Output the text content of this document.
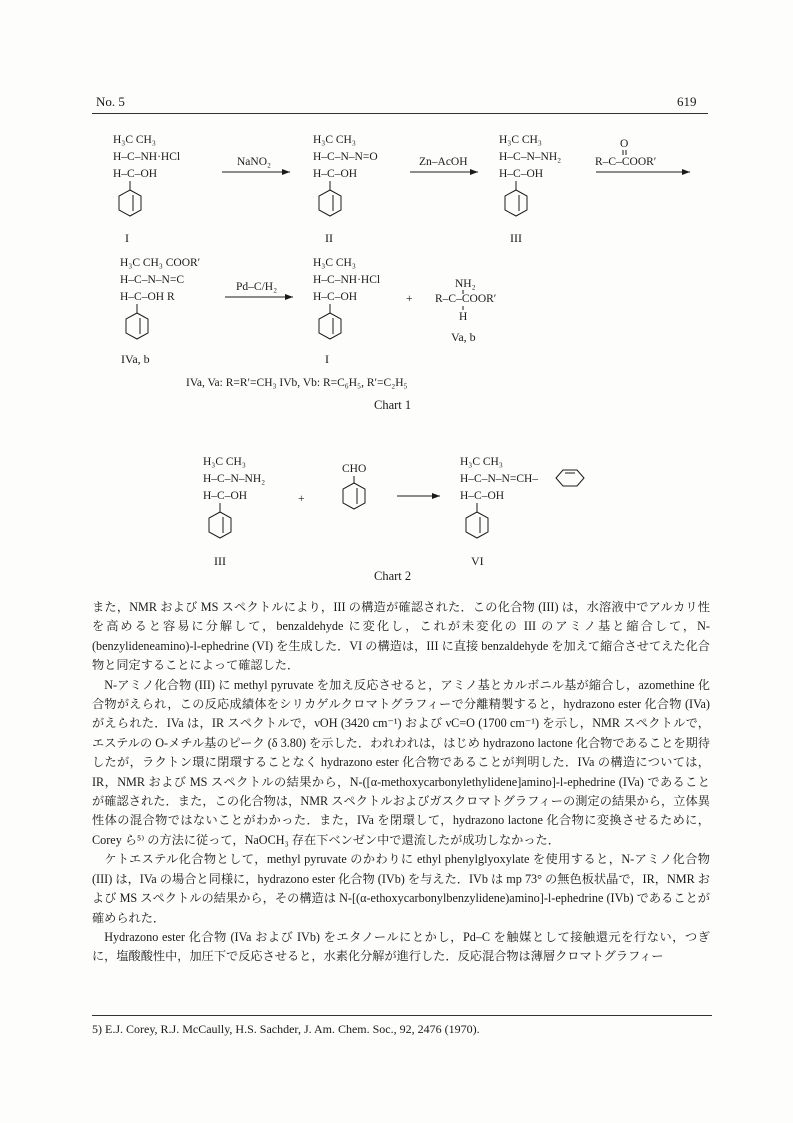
No. 5	619
H₃C CH₃
H–C–NH·HCl
H–C–OH
I
NaNO₂
H₃C CH₃
H–C–N–N=O
H–C–OH
II
Zn–AcOH
H₃C CH₃
H–C–N–NH₂
H–C–OH
III
O
R–C–COOR′
H₃C CH₃ COOR′
H–C–N–N=C
H–C–OH R
IVa, b
Pd–C/H₂
H₃C CH₃
H–C–NH·HCl
H–C–OH
I
+
NH₂
R–C–COOR′
H
Va, b
IVa, Va: R=R′=CH₃ IVb, Vb: R=C₆H₅, R′=C₂H₅
Chart 1
H₃C CH₃
H–C–N–NH₂
H–C–OH
III
+
CHO
H₃C CH₃
H–C–N–N=CH–
H–C–OH
VI
Chart 2

また，NMR および MS スペクトルにより，III の構造が確認された．この化合物 (III) は，水溶液中でアルカリ性を高めると容易に分解して，benzaldehyde に変化し，これが未変化の III のアミノ基と縮合して，N-(benzylideneamino)-l-ephedrine (VI) を生成した．VI の構造は，III に直接 benzaldehyde を加えて縮合させてえた化合物と同定することによって確認した．

N-アミノ化合物 (III) に methyl pyruvate を加え反応させると，アミノ基とカルボニル基が縮合し，azomethine 化合物がえられ，この反応成績体をシリカゲルクロマトグラフィーで分離精製すると，hydrazono ester 化合物 (IVa) がえられた．IVa は，IR スペクトルで，νOH (3420 cm⁻¹) および νC=O (1700 cm⁻¹) を示し，NMR スペクトルで，エステルの O-メチル基のピーク (δ 3.80) を示した．われわれは，はじめ hydrazono lactone 化合物であることを期待したが，ラクトン環に閉環することなく hydrazono ester 化合物であることが判明した．IVa の構造については，IR，NMR および MS スペクトルの結果から，N-([α-methoxycarbonylethylidene]amino]-l-ephedrine (IVa) であることが確認された．また，この化合物は，NMR スペクトルおよびガスクロマトグラフィーの測定の結果から，立体異性体の混合物ではないことがわかった．また，IVa を閉環して，hydrazono lactone 化合物に変換させるために，Corey ら⁵⁾ の方法に従って，NaOCH₃ 存在下ベンゼン中で還流したが成功しなかった．

ケトエステル化合物として，methyl pyruvate のかわりに ethyl phenylglyoxylate を使用すると，N-アミノ化合物 (III) は，IVa の場合と同様に，hydrazono ester 化合物 (IVb) を与えた．IVb は mp 73° の無色板状晶で，IR，NMR および MS スペクトルの結果から，その構造は N-[(α-ethoxycarbonylbenzylidene)amino]-l-ephedrine (IVb) であることが確められた．

Hydrazono ester 化合物 (IVa および IVb) をエタノールにとかし，Pd–C を触媒として接触還元を行ない，つぎに，塩酸酸性中，加圧下で反応させると，水素化分解が進行した．反応混合物は薄層クロマトグラフィー

5) E.J. Corey, R.J. McCaully, H.S. Sachder, J. Am. Chem. Soc., 92, 2476 (1970).
